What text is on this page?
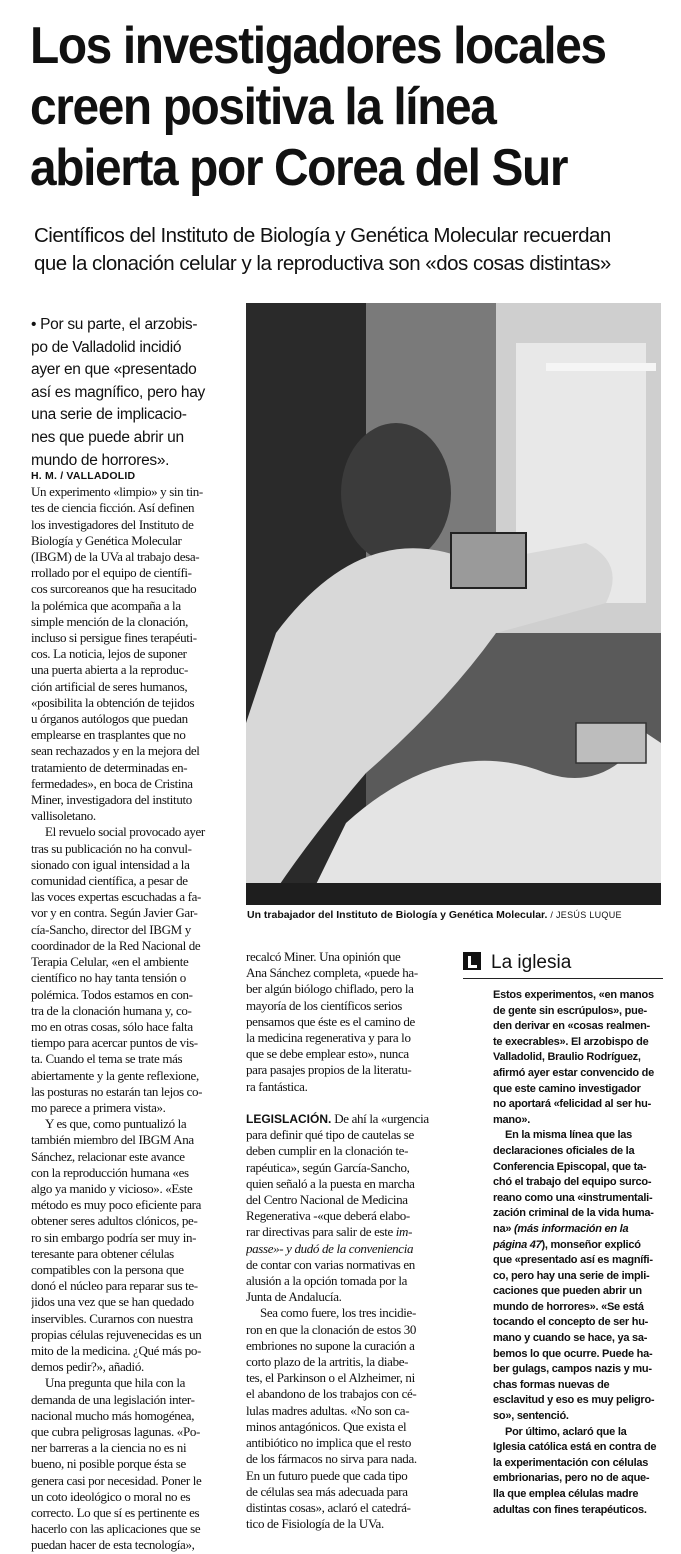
Los investigadores locales
creen positiva la línea
abierta por Corea del Sur

Científicos del Instituto de Biología y Genética Molecular recuerdan
que la clonación celular y la reproductiva son «dos cosas distintas»

• Por su parte, el arzobis-
po de Valladolid incidió
ayer en que «presentado
así es magnífico, pero hay
una serie de implicacio-
nes que puede abrir un
mundo de horrores».

H. M. / VALLADOLID
Un experimento «limpio» y sin tin-
tes de ciencia ficción. Así definen
los investigadores del Instituto de
Biología y Genética Molecular
(IBGM) de la UVa al trabajo desa-
rrollado por el equipo de científi-
cos surcoreanos que ha resucitado
la polémica que acompaña a la
simple mención de la clonación,
incluso si persigue fines terapéuti-
cos. La noticia, lejos de suponer
una puerta abierta a la reproduc-
ción artificial de seres humanos,
«posibilita la obtención de tejidos
u órganos autólogos que puedan
emplearse en trasplantes que no
sean rechazados y en la mejora del
tratamiento de determinadas en-
fermedades», en boca de Cristina
Miner, investigadora del instituto
vallisoletano.
El revuelo social provocado ayer
tras su publicación no ha convul-
sionado con igual intensidad a la
comunidad científica, a pesar de
las voces expertas escuchadas a fa-
vor y en contra. Según Javier Gar-
cía-Sancho, director del IBGM y
coordinador de la Red Nacional de
Terapia Celular, «en el ambiente
científico no hay tanta tensión o
polémica. Todos estamos en con-
tra de la clonación humana y, co-
mo en otras cosas, sólo hace falta
tiempo para acercar puntos de vis-
ta. Cuando el tema se trate más
abiertamente y la gente reflexione,
las posturas no estarán tan lejos co-
mo parece a primera vista».
Y es que, como puntualizó la
también miembro del IBGM Ana
Sánchez, relacionar este avance
con la reproducción humana «es
algo ya manido y vicioso». «Este
método es muy poco eficiente para
obtener seres adultos clónicos, pe-
ro sin embargo podría ser muy in-
teresante para obtener células
compatibles con la persona que
donó el núcleo para reparar sus te-
jidos una vez que se han quedado
inservibles. Curarnos con nuestra
propias células rejuvenecidas es un
mito de la medicina. ¿Qué más po-
demos pedir?», añadió.
Una pregunta que hila con la
demanda de una legislación inter-
nacional mucho más homogénea,
que cubra peligrosas lagunas. «Po-
ner barreras a la ciencia no es ni
bueno, ni posible porque ésta se
genera casi por necesidad. Poner le
un coto ideológico o moral no es
correcto. Lo que sí es pertinente es
hacerlo con las aplicaciones que se
puedan hacer de esta tecnología»,
Un trabajador del Instituto de Biología y Genética Molecular. / JESÚS LUQUE
recalcó Miner. Una opinión que
Ana Sánchez completa, «puede ha-
ber algún biólogo chiflado, pero la
mayoría de los científicos serios
pensamos que éste es el camino de
la medicina regenerativa y para lo
que se debe emplear esto», nunca
para pasajes propios de la literatu-
ra fantástica.

LEGISLACIÓN. De ahí la «urgencia
para definir qué tipo de cautelas se
deben cumplir en la clonación te-
rapéutica», según García-Sancho,
quien señaló a la puesta en marcha
del Centro Nacional de Medicina
Regenerativa -«que deberá elabo-
rar directivas para salir de este im-
passe»- y dudó de la conveniencia
de contar con varias normativas en
alusión a la opción tomada por la
Junta de Andalucía.
Sea como fuere, los tres incidie-
ron en que la clonación de estos 30
embriones no supone la curación a
corto plazo de la artritis, la diabe-
tes, el Parkinson o el Alzheimer, ni
el abandono de los trabajos con cé-
lulas madres adultas. «No son ca-
minos antagónicos. Que exista el
antibiótico no implica que el resto
de los fármacos no sirva para nada.
En un futuro puede que cada tipo
de células sea más adecuada para
distintas cosas», aclaró el catedrá-
tico de Fisiología de la UVa.
La iglesia
Estos experimentos, «en manos
de gente sin escrúpulos», pue-
den derivar en «cosas realmen-
te execrables». El arzobispo de
Valladolid, Braulio Rodríguez,
afirmó ayer estar convencido de
que este camino investigador
no aportará «felicidad al ser hu-
mano».
En la misma línea que las
declaraciones oficiales de la
Conferencia Episcopal, que ta-
chó el trabajo del equipo surco-
reano como una «instrumentali-
zación criminal de la vida huma-
na» (más información en la
página 47), monseñor explicó
que «presentado así es magnífi-
co, pero hay una serie de impli-
caciones que pueden abrir un
mundo de horrores». «Se está
tocando el concepto de ser hu-
mano y cuando se hace, ya sa-
bemos lo que ocurre. Puede ha-
ber gulags, campos nazis y mu-
chas formas nuevas de
esclavitud y eso es muy peligro-
so», sentenció.
Por último, aclaró que la
Iglesia católica está en contra de
la experimentación con células
embrionarias, pero no de aque-
lla que emplea células madre
adultas con fines terapéuticos.
